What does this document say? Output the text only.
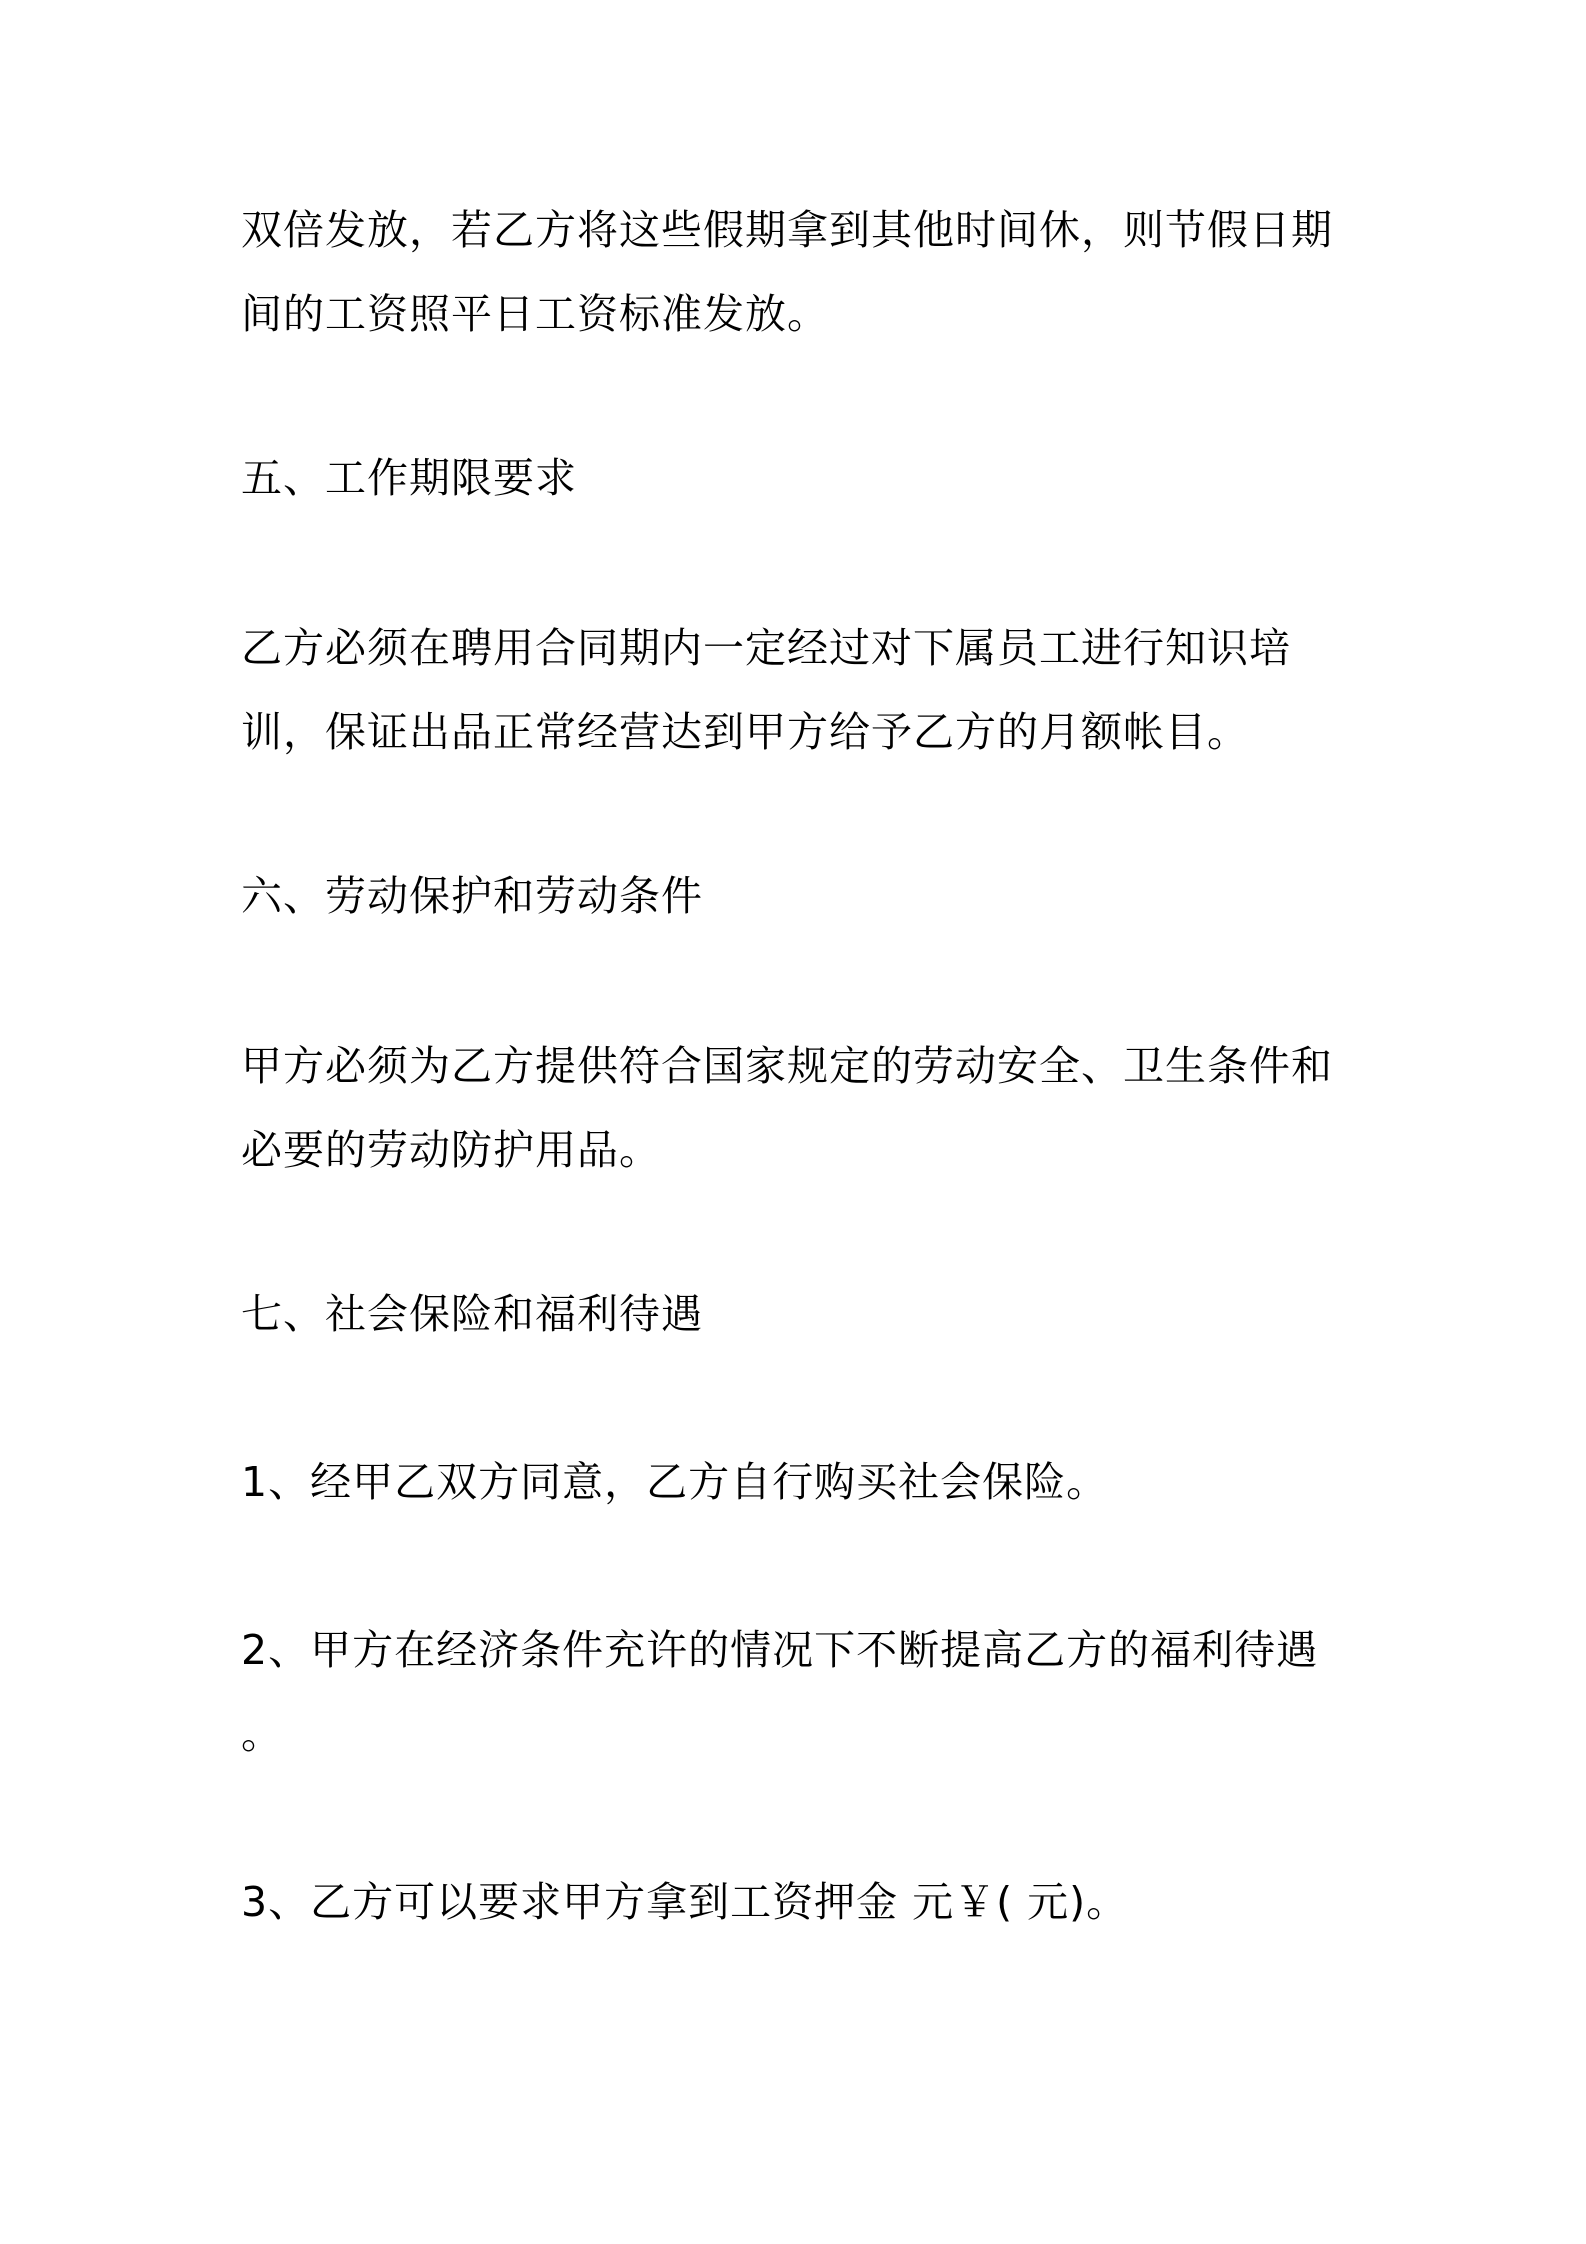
双倍发放，若乙方将这些假期拿到其他时间休，则节假日期

间的工资照平日工资标准发放。

五、工作期限要求

乙方必须在聘用合同期内一定经过对下属员工进行知识培

训，保证出品正常经营达到甲方给予乙方的月额帐目。

六、劳动保护和劳动条件

甲方必须为乙方提供符合国家规定的劳动安全、卫生条件和

必要的劳动防护用品。

七、社会保险和福利待遇

1、经甲乙双方同意，乙方自行购买社会保险。

2、甲方在经济条件充许的情况下不断提高乙方的福利待遇

。

3、乙方可以要求甲方拿到工资押金 元￥( 元)。
